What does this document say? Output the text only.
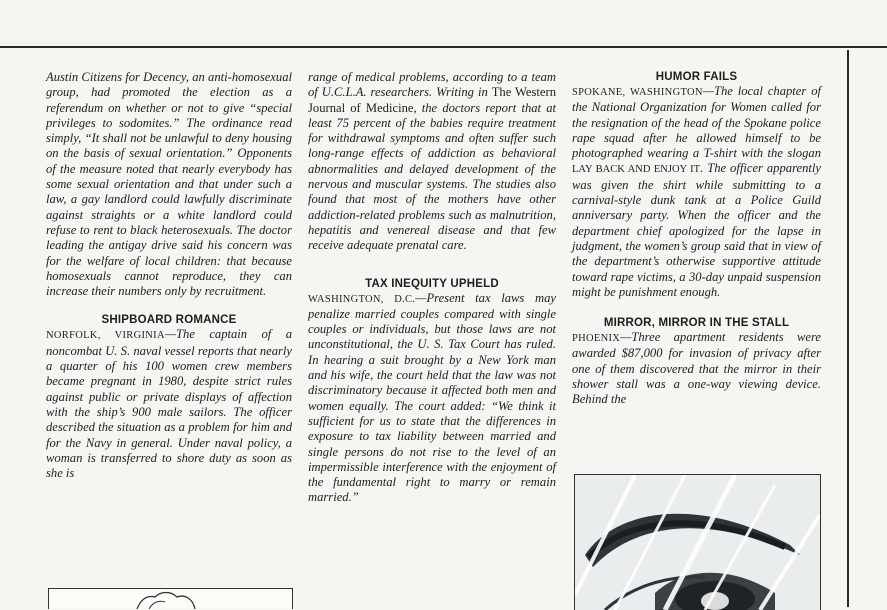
Austin Citizens for Decency, an anti-homosexual group, had promoted the election as a referendum on whether or not to give “special privileges to sodomites.” The ordinance read simply, “It shall not be unlawful to deny housing on the basis of sexual orientation.” Opponents of the measure noted that nearly everybody has some sexual orientation and that under such a law, a gay landlord could lawfully discriminate against straights or a white landlord could refuse to rent to black heterosexuals. The doctor leading the antigay drive said his concern was for the welfare of local children: that because homosexuals cannot reproduce, they can increase their numbers only by recruitment.

SHIPBOARD ROMANCE

NORFOLK, VIRGINIA—The captain of a noncombat U. S. naval vessel reports that nearly a quarter of his 100 women crew members became pregnant in 1980, despite strict rules against public or private displays of affection with the ship’s 900 male sailors. The officer described the situation as a problem for him and for the Navy in general. Under naval policy, a woman is transferred to shore duty as soon as she is

range of medical problems, according to a team of U.C.L.A. researchers. Writing in The Western Journal of Medicine, the doctors report that at least 75 percent of the babies require treatment for withdrawal symptoms and often suffer such long-range effects of addiction as behavioral abnormalities and delayed development of the nervous and muscular systems. The studies also found that most of the mothers have other addiction-related problems such as malnutrition, hepatitis and venereal disease and that few receive adequate prenatal care.

TAX INEQUITY UPHELD

WASHINGTON, D.C.—Present tax laws may penalize married couples compared with single couples or individuals, but those laws are not unconstitutional, the U. S. Tax Court has ruled. In hearing a suit brought by a New York man and his wife, the court held that the law was not discriminatory because it affected both men and women equally. The court added: “We think it sufficient for us to state that the differences in exposure to tax liability between married and single persons do not rise to the level of an impermissible interference with the enjoyment of the fundamental right to marry or remain married.”

HUMOR FAILS

SPOKANE, WASHINGTON—The local chapter of the National Organization for Women called for the resignation of the head of the Spokane police rape squad after he allowed himself to be photographed wearing a T-shirt with the slogan LAY BACK AND ENJOY IT. The officer apparently was given the shirt while submitting to a carnival-style dunk tank at a Police Guild anniversary party. When the officer and the department chief apologized for the lapse in judgment, the women’s group said that in view of the department’s otherwise supportive attitude toward rape victims, a 30-day unpaid suspension might be punishment enough.

MIRROR, MIRROR IN THE STALL

PHOENIX—Three apartment residents were awarded $87,000 for invasion of privacy after one of them discovered that the mirror in their shower stall was a one-way viewing device. Behind the
